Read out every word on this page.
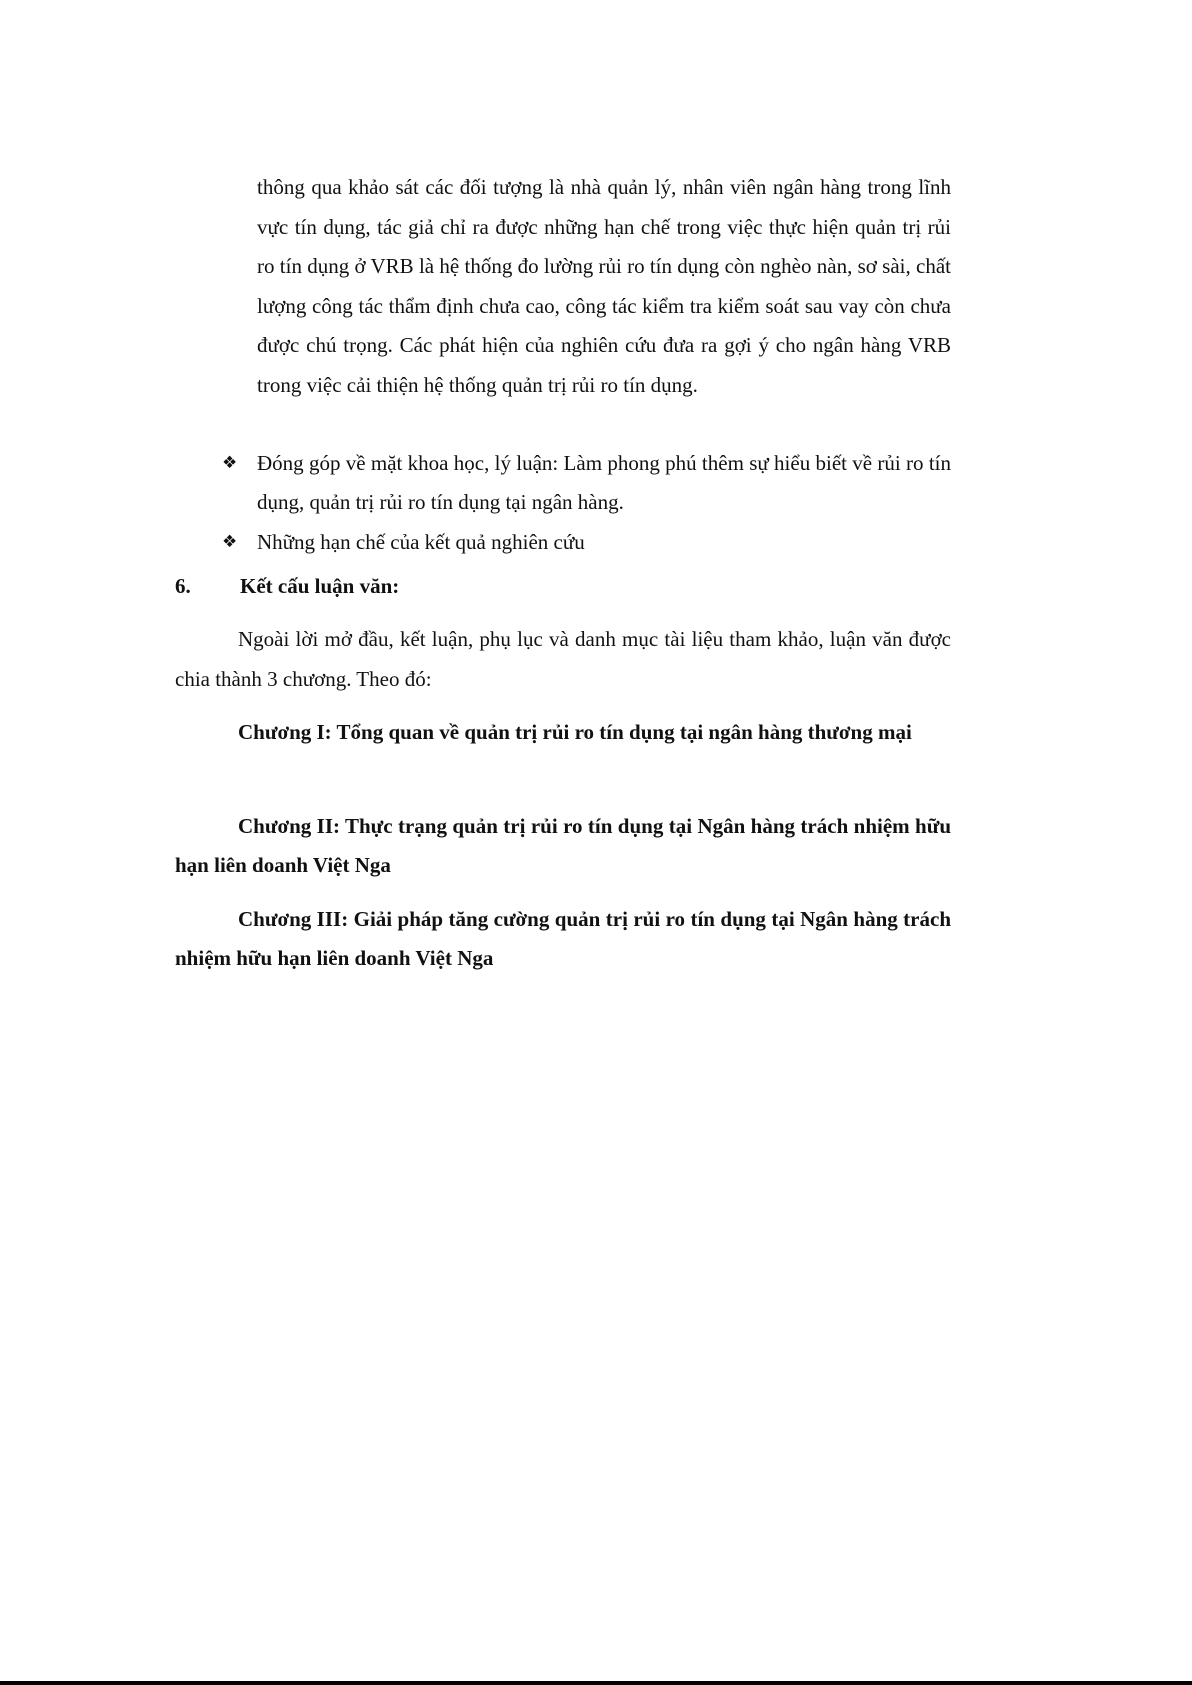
thông qua khảo sát các đối tượng là nhà quản lý, nhân viên ngân hàng trong lĩnh vực tín dụng, tác giả chỉ ra được những hạn chế trong việc thực hiện quản trị rủi ro tín dụng ở VRB là hệ thống đo lường rủi ro tín dụng còn nghèo nàn, sơ sài, chất lượng công tác thẩm định chưa cao, công tác kiểm tra kiểm soát sau vay còn chưa được chú trọng. Các phát hiện của nghiên cứu đưa ra gợi ý cho ngân hàng VRB trong việc cải thiện hệ thống quản trị rủi ro tín dụng.

❖ Đóng góp về mặt khoa học, lý luận: Làm phong phú thêm sự hiểu biết về rủi ro tín dụng, quản trị rủi ro tín dụng tại ngân hàng.

❖ Những hạn chế của kết quả nghiên cứu

6.	Kết cấu luận văn:

Ngoài lời mở đầu, kết luận, phụ lục và danh mục tài liệu tham khảo, luận văn được chia thành 3 chương. Theo đó:

Chương I: Tổng quan về quản trị rủi ro tín dụng tại ngân hàng thương mại

Chương II: Thực trạng quản trị rủi ro tín dụng tại Ngân hàng trách nhiệm hữu hạn liên doanh Việt Nga

Chương III: Giải pháp tăng cường quản trị rủi ro tín dụng tại Ngân hàng trách nhiệm hữu hạn liên doanh Việt Nga
